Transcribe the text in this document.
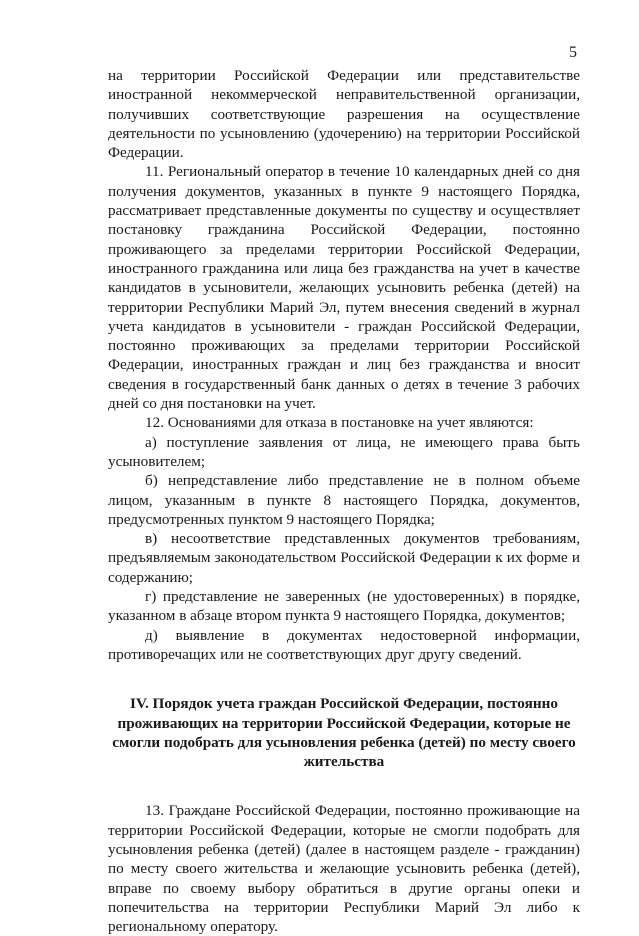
5

на территории Российской Федерации или представительстве иностранной некоммерческой неправительственной организации, получивших соответствующие разрешения на осуществление деятельности по усыновлению (удочерению) на территории Российской Федерации.

11. Региональный оператор в течение 10 календарных дней со дня получения документов, указанных в пункте 9 настоящего Порядка, рассматривает представленные документы по существу и осуществляет постановку гражданина Российской Федерации, постоянно проживающего за пределами территории Российской Федерации, иностранного гражданина или лица без гражданства на учет в качестве кандидатов в усыновители, желающих усыновить ребенка (детей) на территории Республики Марий Эл, путем внесения сведений в журнал учета кандидатов в усыновители - граждан Российской Федерации, постоянно проживающих за пределами территории Российской Федерации, иностранных граждан и лиц без гражданства и вносит сведения в государственный банк данных о детях в течение 3 рабочих дней со дня постановки на учет.

12. Основаниями для отказа в постановке на учет являются:

а) поступление заявления от лица, не имеющего права быть усыновителем;

б) непредставление либо представление не в полном объеме лицом, указанным в пункте 8 настоящего Порядка, документов, предусмотренных пунктом 9 настоящего Порядка;

в) несоответствие представленных документов требованиям, предъявляемым законодательством Российской Федерации к их форме и содержанию;

г) представление не заверенных (не удостоверенных) в порядке, указанном в абзаце втором пункта 9 настоящего Порядка, документов;

д) выявление в документах недостоверной информации, противоречащих или не соответствующих друг другу сведений.

IV. Порядок учета граждан Российской Федерации, постоянно проживающих на территории Российской Федерации, которые не смогли подобрать для усыновления ребенка (детей) по месту своего жительства

13. Граждане Российской Федерации, постоянно проживающие на территории Российской Федерации, которые не смогли подобрать для усыновления ребенка (детей) (далее в настоящем разделе - гражданин) по месту своего жительства и желающие усыновить ребенка (детей), вправе по своему выбору обратиться в другие органы опеки и попечительства на территории Республики Марий Эл либо к региональному оператору.
